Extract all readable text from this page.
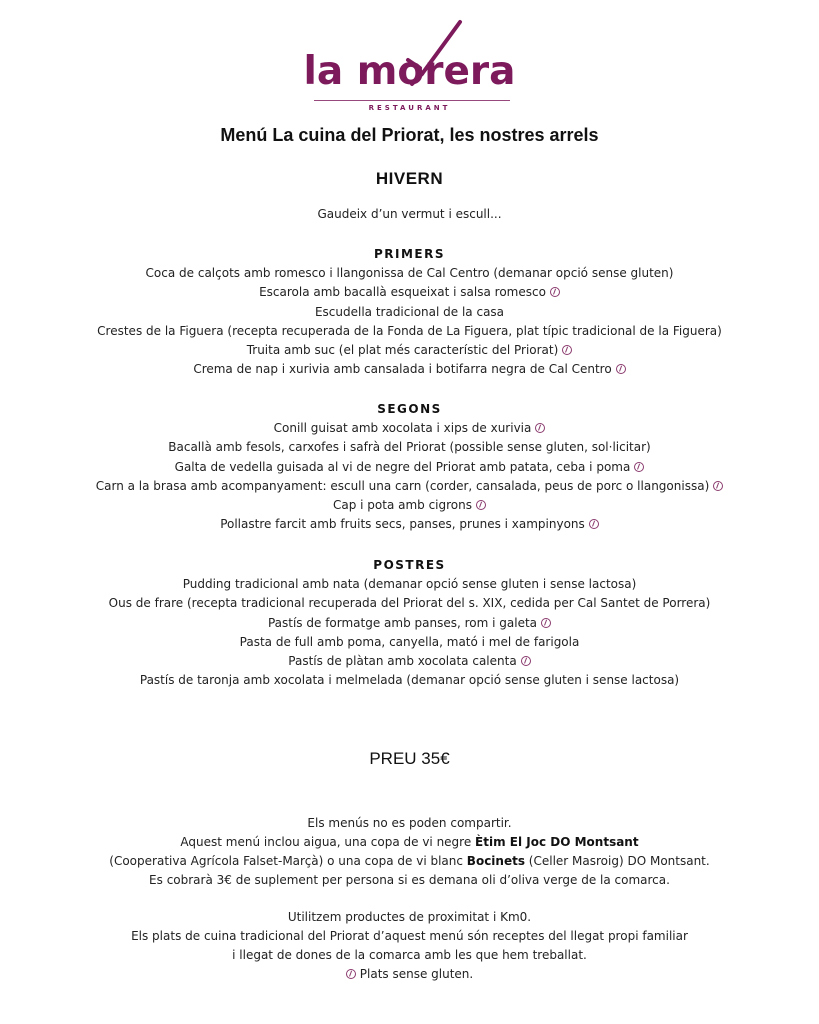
la morera
RESTAURANT
Menú La cuina del Priorat, les nostres arrels
HIVERN
Gaudeix d’un vermut i escull...
PRIMERS
Coca de calçots amb romesco i llangonissa de Cal Centro (demanar opció sense gluten)
Escarola amb bacallà esqueixat i salsa romesco
Escudella tradicional de la casa
Crestes de la Figuera (recepta recuperada de la Fonda de La Figuera, plat típic tradicional de la Figuera)
Truita amb suc (el plat més característic del Priorat)
Crema de nap i xurivia amb cansalada i botifarra negra de Cal Centro
SEGONS
Conill guisat amb xocolata i xips de xurivia
Bacallà amb fesols, carxofes i safrà del Priorat (possible sense gluten, sol·licitar)
Galta de vedella guisada al vi de negre del Priorat amb patata, ceba i poma
Carn a la brasa amb acompanyament: escull una carn (corder, cansalada, peus de porc o llangonissa)
Cap i pota amb cigrons
Pollastre farcit amb fruits secs, panses, prunes i xampinyons
POSTRES
Pudding tradicional amb nata (demanar opció sense gluten i sense lactosa)
Ous de frare (recepta tradicional recuperada del Priorat del s. XIX, cedida per Cal Santet de Porrera)
Pastís de formatge amb panses, rom i galeta
Pasta de full amb poma, canyella, mató i mel de farigola
Pastís de plàtan amb xocolata calenta
Pastís de taronja amb xocolata i melmelada (demanar opció sense gluten i sense lactosa)
PREU 35€

Els menús no es poden compartir.

Aquest menú inclou aigua, una copa de vi negre Ètim El Joc DO Montsant

(Cooperativa Agrícola Falset-Marçà) o una copa de vi blanc Bocinets (Celler Masroig) DO Montsant.

Es cobrarà 3€ de suplement per persona si es demana oli d’oliva verge de la comarca.

Utilitzem productes de proximitat i Km0.

Els plats de cuina tradicional del Priorat d’aquest menú són receptes del llegat propi familiar

i llegat de dones de la comarca amb les que hem treballat.

Plats sense gluten.
